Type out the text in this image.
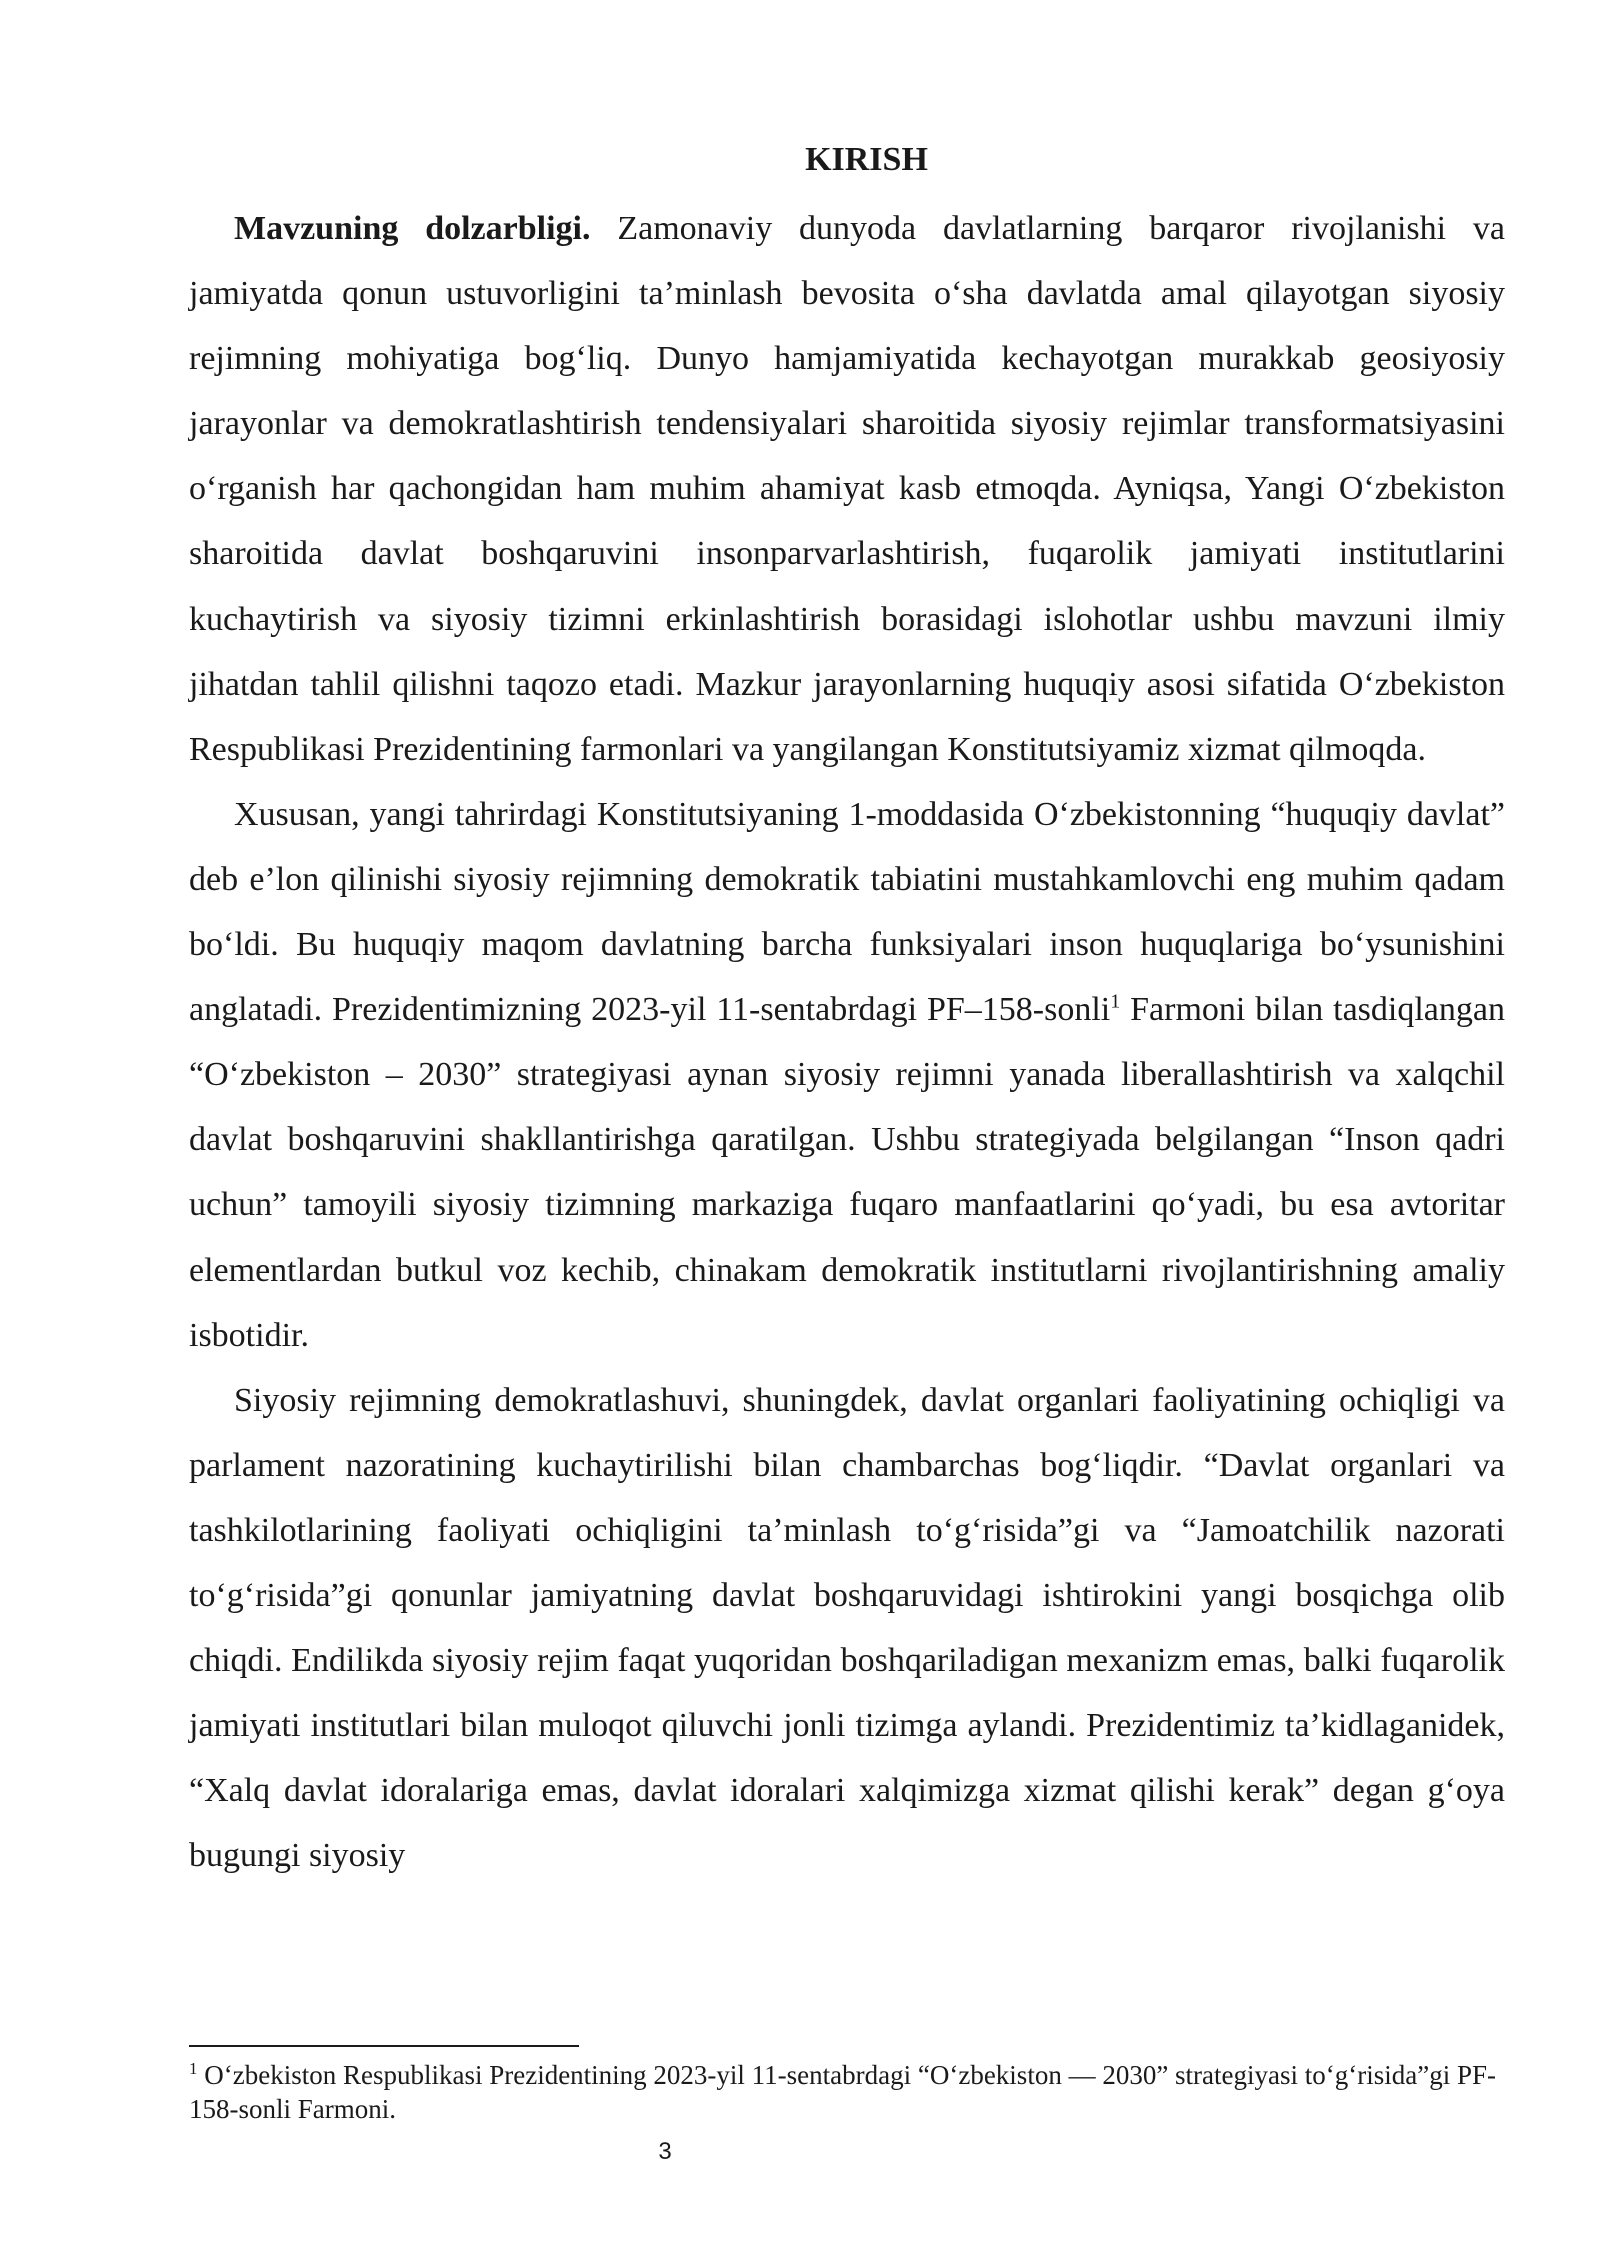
KIRISH

Mavzuning dolzarbligi. Zamonaviy dunyoda davlatlarning barqaror rivojlanishi va jamiyatda qonun ustuvorligini ta’minlash bevosita o‘sha davlatda amal qilayotgan siyosiy rejimning mohiyatiga bog‘liq. Dunyo hamjamiyatida kechayotgan murakkab geosiyosiy jarayonlar va demokratlashtirish tendensiyalari sharoitida siyosiy rejimlar transformatsiyasini o‘rganish har qachongidan ham muhim ahamiyat kasb etmoqda. Ayniqsa, Yangi O‘zbekiston sharoitida davlat boshqaruvini insonparvarlashtirish, fuqarolik jamiyati institutlarini kuchaytirish va siyosiy tizimni erkinlashtirish borasidagi islohotlar ushbu mavzuni ilmiy jihatdan tahlil qilishni taqozo etadi. Mazkur jarayonlarning huquqiy asosi sifatida O‘zbekiston Respublikasi Prezidentining farmonlari va yangilangan Konstitutsiyamiz xizmat qilmoqda.

Xususan, yangi tahrirdagi Konstitutsiyaning 1-moddasida O‘zbekistonning “huquqiy davlat” deb e’lon qilinishi siyosiy rejimning demokratik tabiatini mustahkamlovchi eng muhim qadam bo‘ldi. Bu huquqiy maqom davlatning barcha funksiyalari inson huquqlariga bo‘ysunishini anglatadi. Prezidentimizning 2023-yil 11-sentabrdagi PF–158-sonli$^1$ Farmoni bilan tasdiqlangan “O‘zbekiston – 2030” strategiyasi aynan siyosiy rejimni yanada liberallashtirish va xalqchil davlat boshqaruvini shakllantirishga qaratilgan. Ushbu strategiyada belgilangan “Inson qadri uchun” tamoyili siyosiy tizimning markaziga fuqaro manfaatlarini qo‘yadi, bu esa avtoritar elementlardan butkul voz kechib, chinakam demokratik institutlarni rivojlantirishning amaliy isbotidir.

Siyosiy rejimning demokratlashuvi, shuningdek, davlat organlari faoliyatining ochiqligi va parlament nazoratining kuchaytirilishi bilan chambarchas bog‘liqdir. “Davlat organlari va tashkilotlarining faoliyati ochiqligini ta’minlash to‘g‘risida”gi va “Jamoatchilik nazorati to‘g‘risida”gi qonunlar jamiyatning davlat boshqaruvidagi ishtirokini yangi bosqichga olib chiqdi. Endilikda siyosiy rejim faqat yuqoridan boshqariladigan mexanizm emas, balki fuqarolik jamiyati institutlari bilan muloqot qiluvchi jonli tizimga aylandi. Prezidentimiz ta’kidlaganidek, “Xalq davlat idoralariga emas, davlat idoralari xalqimizga xizmat qilishi kerak” degan g‘oya bugungi siyosiy

$^1$ O‘zbekiston Respublikasi Prezidentining 2023-yil 11-sentabrdagi “O‘zbekiston — 2030” strategiyasi to‘g‘risida”gi PF-158-sonli Farmoni.

3
